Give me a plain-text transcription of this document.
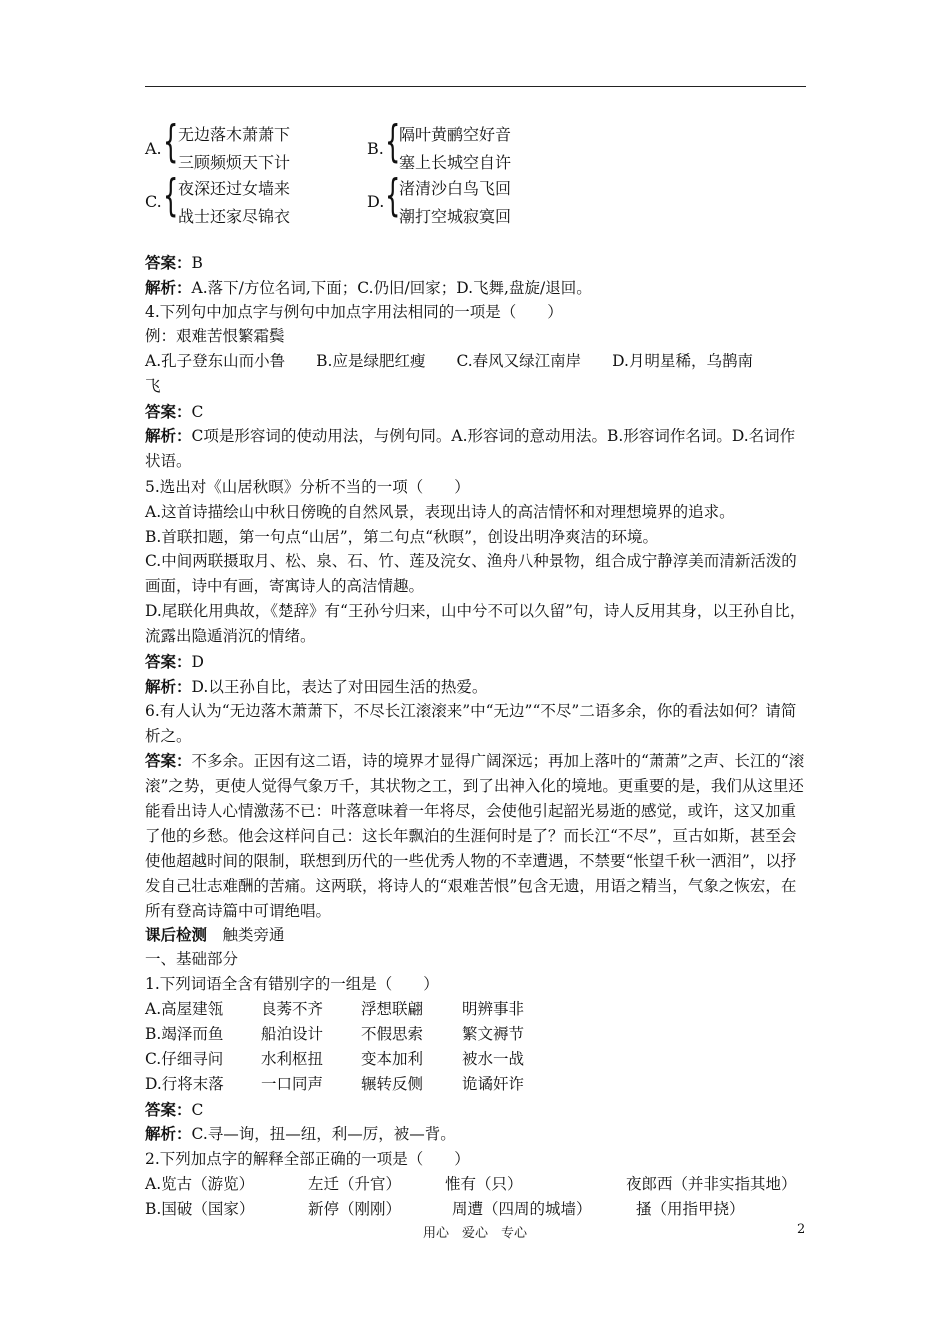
A. { 无边落木萧萧下
三顾频烦天下计
B. {
隔叶黄鹂空好音
塞上长城空自许
C. { 夜深还过女墙来
战士还家尽锦衣
D. {
渚清沙白鸟飞回
潮打空城寂寞回
答案：B
解析：A.落下/方位名词,下面；C.仍旧/回家；D.飞舞,盘旋/退回。
4.下列句中加点字与例句中加点字用法相同的一项是（　　）
例：艰难苦恨繁霜鬓
A.孔子登东山而小鲁　　B.应是绿肥红瘦　　C.春风又绿江南岸　　D.月明星稀，乌鹊南
飞
答案：C
解析：C项是形容词的使动用法，与例句同。A.形容词的意动用法。B.形容词作名词。D.名词作状语。
5.选出对《山居秋暝》分析不当的一项（　　）
A.这首诗描绘山中秋日傍晚的自然风景，表现出诗人的高洁情怀和对理想境界的追求。
B.首联扣题，第一句点“山居”，第二句点“秋暝”，创设出明净爽洁的环境。
C.中间两联摄取月、松、泉、石、竹、莲及浣女、渔舟八种景物，组合成宁静淳美而清新活泼的画面，诗中有画，寄寓诗人的高洁情趣。
D.尾联化用典故，《楚辞》有“王孙兮归来，山中兮不可以久留”句，诗人反用其身，以王孙自比，流露出隐遁消沉的情绪。
答案：D
解析：D.以王孙自比，表达了对田园生活的热爱。
6.有人认为“无边落木萧萧下，不尽长江滚滚来”中“无边”“不尽”二语多余，你的看法如何？请简析之。
答案：不多余。正因有这二语，诗的境界才显得广阔深远；再加上落叶的“萧萧”之声、长江的“滚滚”之势，更使人觉得气象万千，其状物之工，到了出神入化的境地。更重要的是，我们从这里还能看出诗人心情激荡不已：叶落意味着一年将尽，会使他引起韶光易逝的感觉，或许，这又加重了他的乡愁。他会这样问自己：这长年飘泊的生涯何时是了？而长江“不尽”，亘古如斯，甚至会使他超越时间的限制，联想到历代的一些优秀人物的不幸遭遇，不禁要“怅望千秋一洒泪”，以抒发自己壮志难酬的苦痛。这两联，将诗人的“艰难苦恨”包含无遗，用语之精当，气象之恢宏，在所有登高诗篇中可谓绝唱。
课后检测　 触类旁通
一、基础部分
1.下列词语全含有错别字的一组是（　　）
A.高屋建瓴 良莠不齐 浮想联翩	明辨事非
B.竭泽而鱼 船泊设计 不假思索	繁文褥节
C.仔细寻问 水利枢扭 变本加利	被水一战
D.行将末落 一口同声 辗转反侧	诡谲奸诈
答案：C
解析：C.寻—询，扭—纽，利—厉，被—背。
2.下列加点字的解释全部正确的一项是（　　）
A.览古（游览）	左迁（升官）	惟有（只）	夜郎西（并非实指其地）
B.国破（国家）	新停（刚刚）	周遭（四周的城墙）	搔（用指甲挠）
用心　爱心　专心	2
